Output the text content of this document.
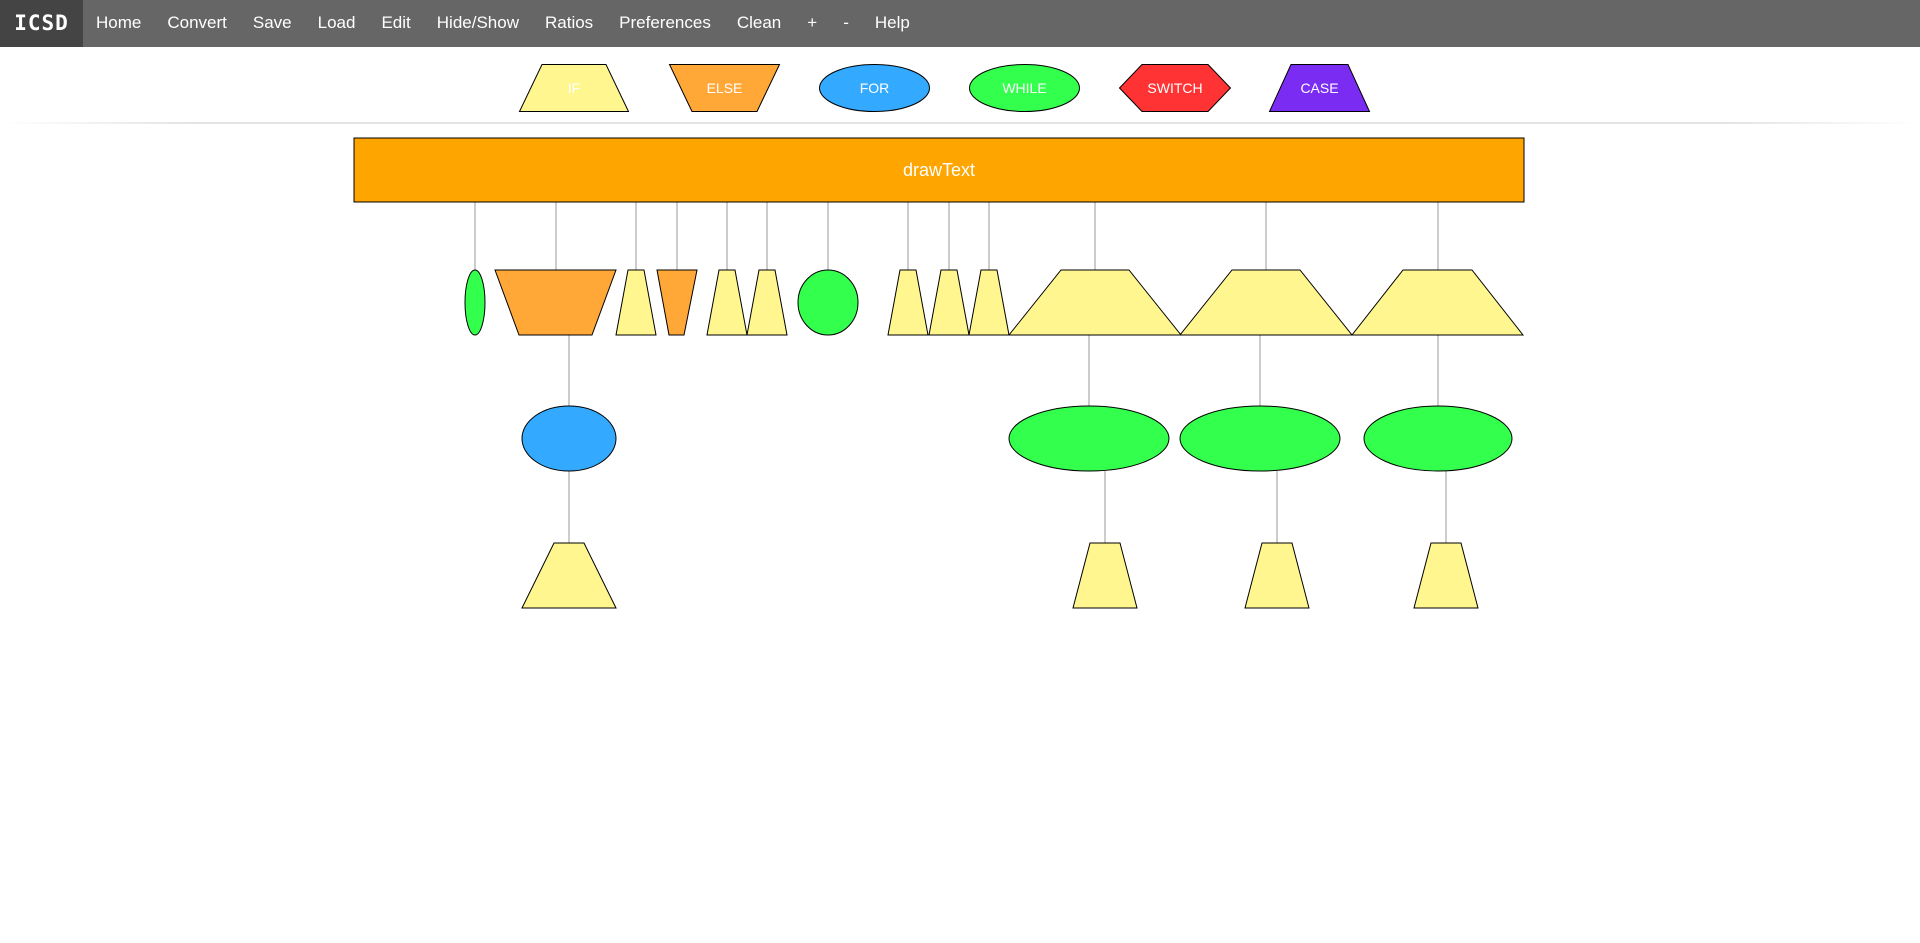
ICSD	Home	Convert	Save	Load	Edit	Hide/Show	Ratios	Preferences	Clean	+	-	Help
IF	ELSE	FOR	WHILE	SWITCH	CASE
drawText
